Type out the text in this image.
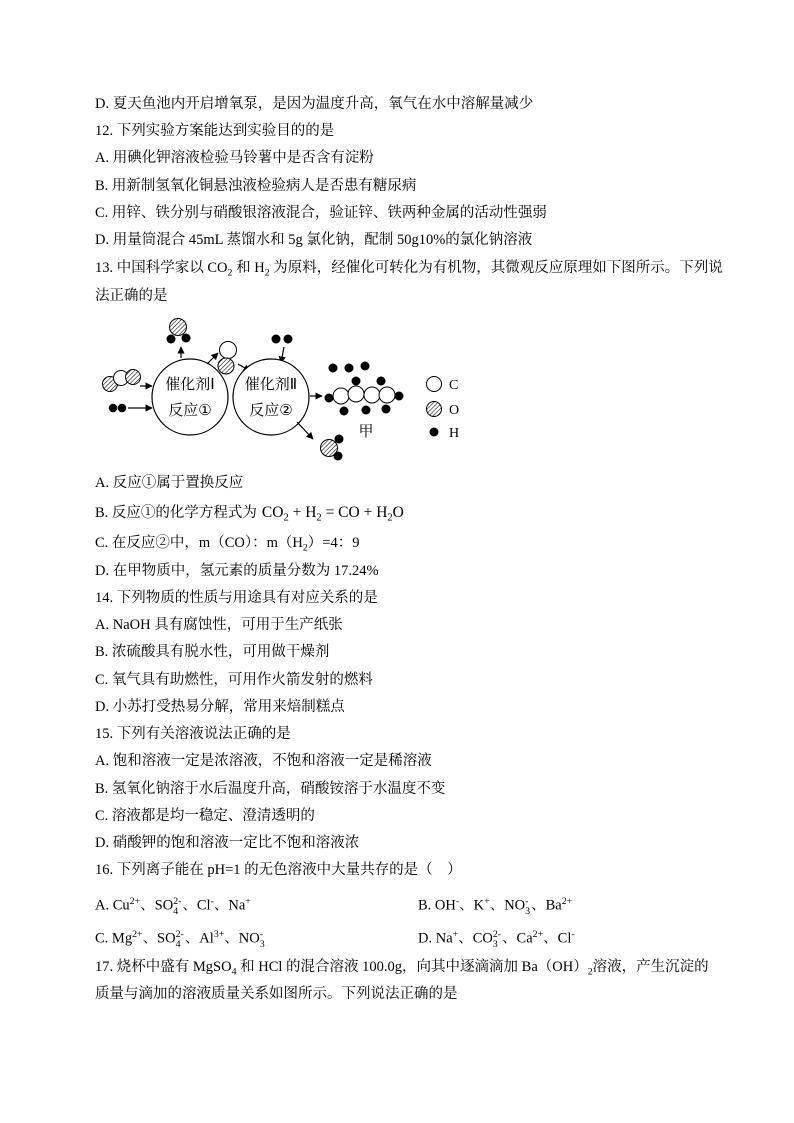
D. 夏天鱼池内开启增氧泵，是因为温度升高，氧气在水中溶解量减少
12. 下列实验方案能达到实验目的的是
A. 用碘化钾溶液检验马铃薯中是否含有淀粉
B. 用新制氢氧化铜悬浊液检验病人是否患有糖尿病
C. 用锌、铁分别与硝酸银溶液混合，验证锌、铁两种金属的活动性强弱
D. 用量筒混合 45mL 蒸馏水和 5g 氯化钠，配制 50g10%的氯化钠溶液
13. 中国科学家以 $CO_2$ 和 $H_2$ 为原料，经催化可转化为有机物，其微观反应原理如下图所示。下列说
法正确的是
催化剂Ⅰ
反应①
催化剂Ⅱ
反应②
甲
C
O
H
A. 反应①属于置换反应
B. 反应①的化学方程式为 $CO_2 + H_2$ = CO + $H_2O$
C. 在反应②中，m（CO）：$m(H_2)=4$：9
D. 在甲物质中，氢元素的质量分数为 17.24%
14. 下列物质的性质与用途具有对应关系的是
A. NaOH 具有腐蚀性，可用于生产纸张
B. 浓硫酸具有脱水性，可用做干燥剂
C. 氧气具有助燃性，可用作火箭发射的燃料
D. 小苏打受热易分解，常用来焙制糕点
15. 下列有关溶液说法正确的是
A. 饱和溶液一定是浓溶液，不饱和溶液一定是稀溶液
B. 氢氧化钠溶于水后温度升高，硝酸铵溶于水温度不变
C. 溶液都是均一稳定、澄清透明的
D. 硝酸钾的饱和溶液一定比不饱和溶液浓
16. 下列离子能在 pH=1 的无色溶液中大量共存的是（    ）
A. $Cu^{2+}$、SO 2-
4 、Cl-、Na+	B. OH-、K+、NO -
3 、$Ba^{2+}$
C. $Mg^{2+}$、SO 2-
4 、$Al^{3+}$、NO -
3	D. Na+、CO 2-
3 、$Ca^{2+}$、Cl-
17. 烧杯中盛有 MgSO$_4$ 和 HCl 的混合溶液 100.0g，向其中逐滴滴加 $Ba(OH)_2$溶液，产生沉淀的
质量与滴加的溶液质量关系如图所示。下列说法正确的是
